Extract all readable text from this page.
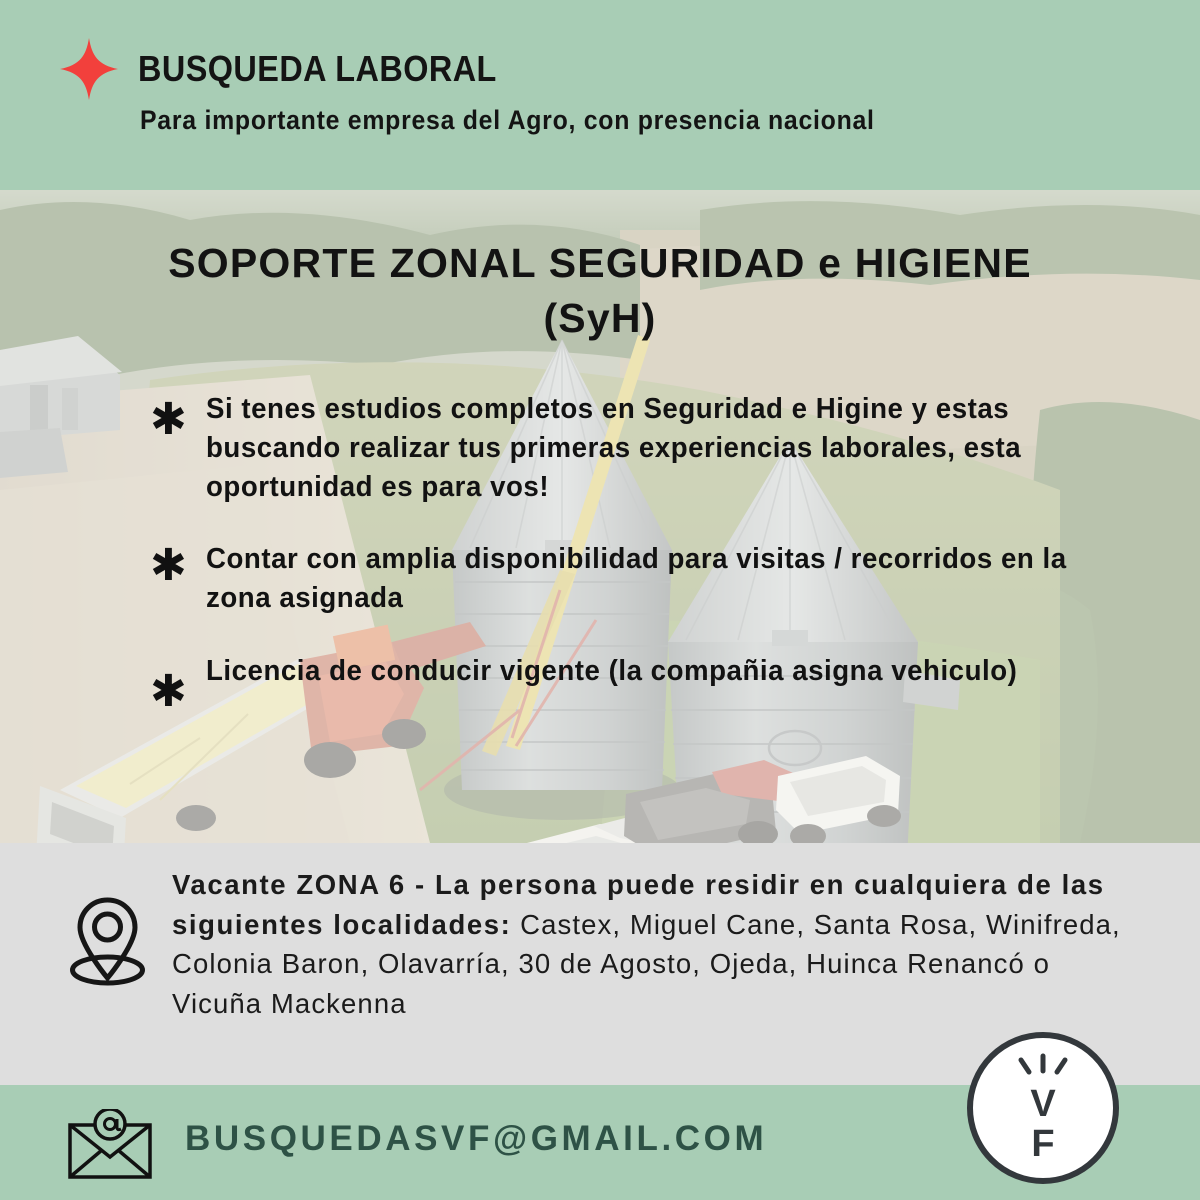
BUSQUEDA LABORAL
Para importante empresa del Agro, con presencia nacional
SOPORTE ZONAL SEGURIDAD e HIGIENE
(SyH)
✱ Si tenes estudios completos en Seguridad e Higine y estas buscando realizar tus primeras experiencias laborales, esta oportunidad es para vos!
✱ Contar con amplia disponibilidad para visitas / recorridos en la zona asignada
✱ Licencia de conducir vigente (la compañia asigna vehiculo)
Vacante ZONA 6 - La persona puede residir en cualquiera de las siguientes localidades: Castex, Miguel Cane, Santa Rosa, Winifreda, Colonia Baron, Olavarría, 30 de Agosto, Ojeda, Huinca Renancó o Vicuña Mackenna
BUSQUEDASVF@GMAIL.COM
V
F
